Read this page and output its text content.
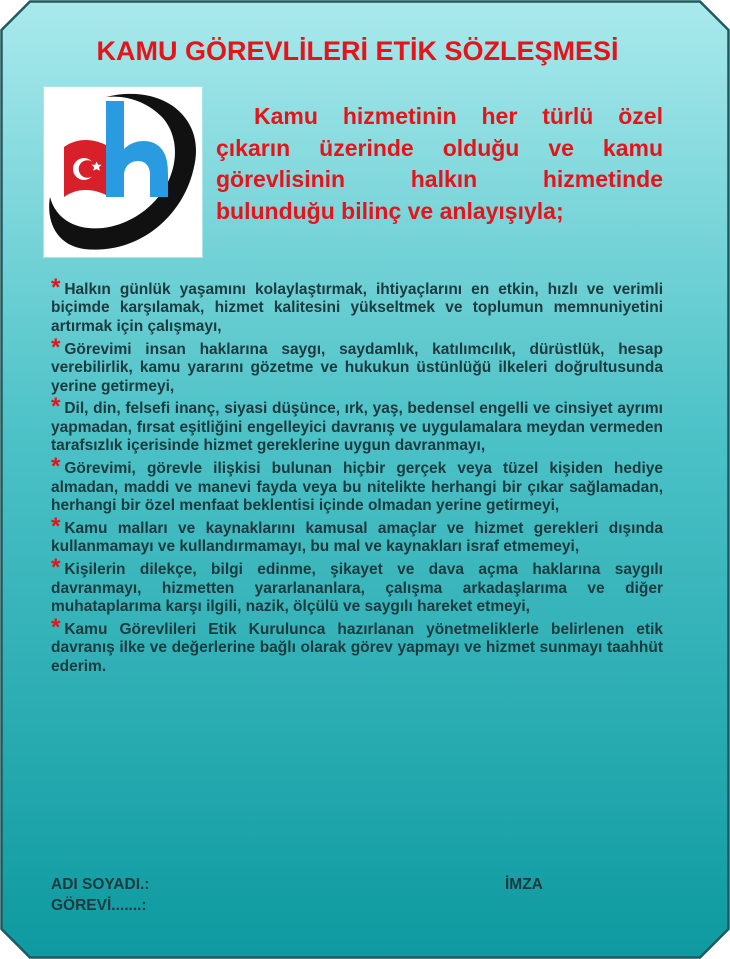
KAMU GÖREVLİLERİ ETİK SÖZLEŞMESİ

Kamu hizmetinin her türlü özel çıkarın üzerinde olduğu ve kamu görevlisinin halkın hizmetinde bulunduğu bilinç ve anlayışıyla;

* Halkın günlük yaşamını kolaylaştırmak, ihtiyaçlarını en etkin, hızlı ve verimli biçimde karşılamak, hizmet kalitesini yükseltmek ve toplumun memnuniyetini artırmak için çalışmayı,
* Görevimi insan haklarına saygı, saydamlık, katılımcılık, dürüstlük, hesap verebilirlik, kamu yararını gözetme ve hukukun üstünlüğü ilkeleri doğrultusunda yerine getirmeyi,
* Dil, din, felsefi inanç, siyasi düşünce, ırk, yaş, bedensel engelli ve cinsiyet ayrımı yapmadan, fırsat eşitliğini engelleyici davranış ve uygulamalara meydan vermeden tarafsızlık içerisinde hizmet gereklerine uygun davranmayı,
* Görevimi, görevle ilişkisi bulunan hiçbir gerçek veya tüzel kişiden hediye almadan, maddi ve manevi fayda veya bu nitelikte herhangi bir çıkar sağlamadan, herhangi bir özel menfaat beklentisi içinde olmadan yerine getirmeyi,
* Kamu malları ve kaynaklarını kamusal amaçlar ve hizmet gerekleri dışında kullanmamayı ve kullandırmamayı, bu mal ve kaynakları israf etmemeyi,
* Kişilerin dilekçe, bilgi edinme, şikayet ve dava açma haklarına saygılı davranmayı, hizmetten yararlananlara, çalışma arkadaşlarıma ve diğer muhataplarıma karşı ilgili, nazik, ölçülü ve saygılı hareket etmeyi,
* Kamu Görevlileri Etik Kurulunca hazırlanan yönetmeliklerle belirlenen etik davranış ilke ve değerlerine bağlı olarak görev yapmayı ve hizmet sunmayı taahhüt ederim.
ADI SOYADI.:	İMZA
GÖREVİ.......:
